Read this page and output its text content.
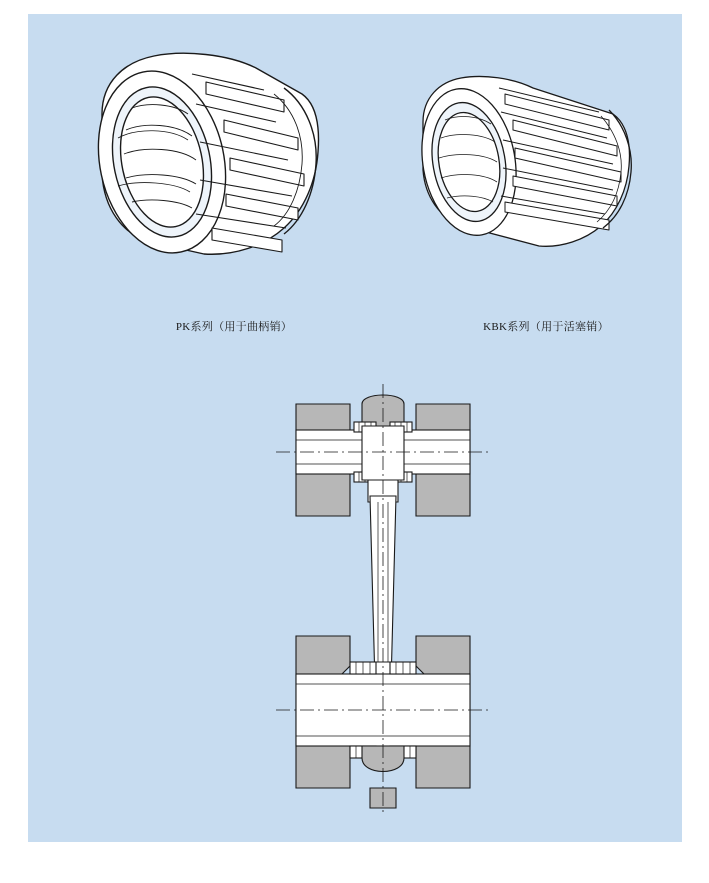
PK系列（用于曲柄销）	KBK系列（用于活塞销）
